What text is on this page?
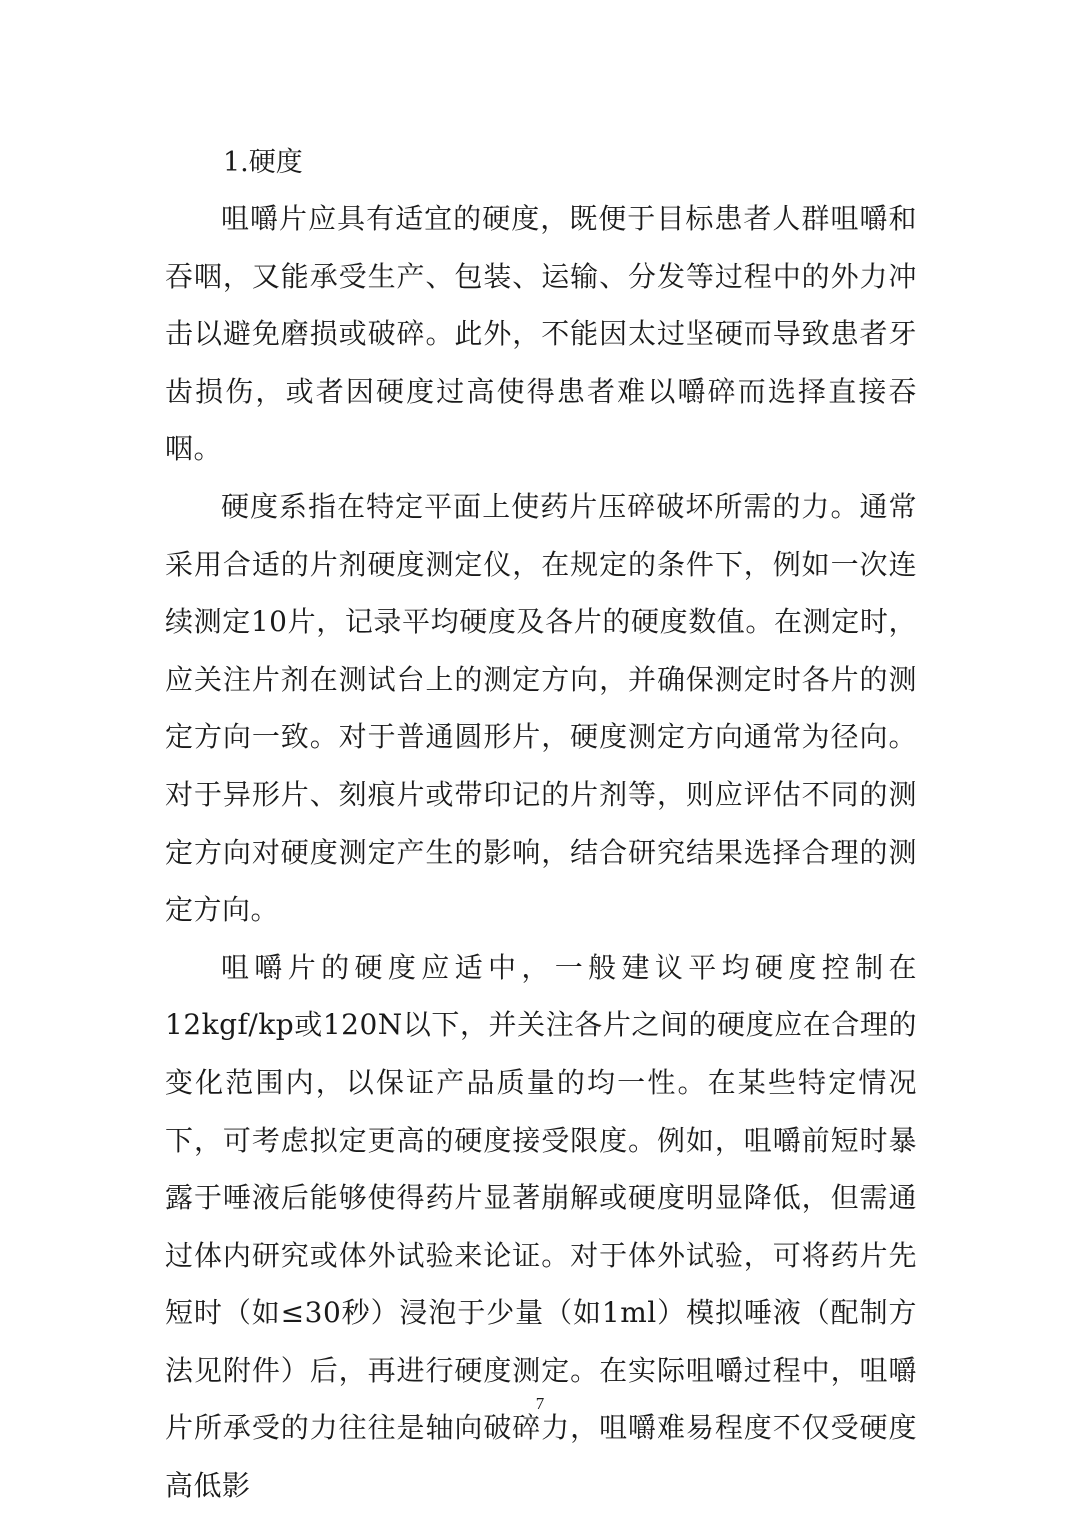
1.硬度

咀嚼片应具有适宜的硬度，既便于目标患者人群咀嚼和吞咽，又能承受生产、包装、运输、分发等过程中的外力冲击以避免磨损或破碎。此外，不能因太过坚硬而导致患者牙齿损伤，或者因硬度过高使得患者难以嚼碎而选择直接吞咽。

硬度系指在特定平面上使药片压碎破坏所需的力。通常采用合适的片剂硬度测定仪，在规定的条件下，例如一次连续测定10片，记录平均硬度及各片的硬度数值。在测定时，应关注片剂在测试台上的测定方向，并确保测定时各片的测定方向一致。对于普通圆形片，硬度测定方向通常为径向。对于异形片、刻痕片或带印记的片剂等，则应评估不同的测定方向对硬度测定产生的影响，结合研究结果选择合理的测定方向。

咀嚼片的硬度应适中，一般建议平均硬度控制在12kgf/kp或120N以下，并关注各片之间的硬度应在合理的变化范围内，以保证产品质量的均一性。在某些特定情况下，可考虑拟定更高的硬度接受限度。例如，咀嚼前短时暴露于唾液后能够使得药片显著崩解或硬度明显降低，但需通过体内研究或体外试验来论证。对于体外试验，可将药片先短时（如≤30秒）浸泡于少量（如1ml）模拟唾液（配制方法见附件）后，再进行硬度测定。在实际咀嚼过程中，咀嚼片所承受的力往往是轴向破碎力，咀嚼难易程度不仅受硬度高低影

7
